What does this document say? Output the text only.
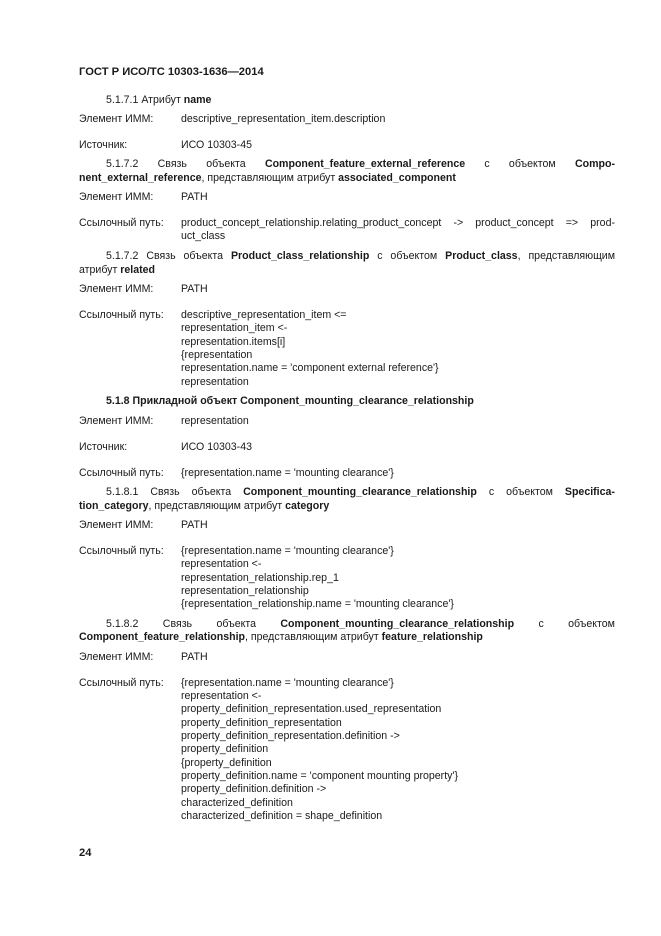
ГОСТ Р ИСО/ТС 10303-1636—2014
5.1.7.1 Атрибут name
Элемент ИММ:	descriptive_representation_item.description
Источник:	ИСО 10303-45
5.1.7.2 Связь объекта Component_feature_external_reference с объектом Compo-
nent_external_reference, представляющим атрибут associated_component
Элемент ИММ:	PATH
Ссылочный путь: product_concept_relationship.relating_product_concept -> product_concept => prod-
uct_class
5.1.7.2 Связь объекта Product_class_relationship с объектом Product_class, представляющим
атрибут related
Элемент ИММ:	PATH
Ссылочный путь: descriptive_representation_item <=
representation_item <-
representation.items[i]
{representation
representation.name = 'component external reference'}
representation
5.1.8 Прикладной объект Component_mounting_clearance_relationship
Элемент ИММ:	representation
Источник:	ИСО 10303-43
Ссылочный путь: {representation.name = 'mounting clearance'}
5.1.8.1 Связь объекта Component_mounting_clearance_relationship с объектом Specifica-
tion_category, представляющим атрибут category
Элемент ИММ:	PATH
Ссылочный путь: {representation.name = 'mounting clearance'}
representation <-
representation_relationship.rep_1
representation_relationship
{representation_relationship.name = 'mounting clearance'}
5.1.8.2 Связь объекта Component_mounting_clearance_relationship с объектом
Component_feature_relationship, представляющим атрибут feature_relationship
Элемент ИММ:	PATH
Ссылочный путь: {representation.name = 'mounting clearance'}
representation <-
property_definition_representation.used_representation
property_definition_representation
property_definition_representation.definition ->
property_definition
{property_definition
property_definition.name = 'component mounting property'}
property_definition.definition ->
characterized_definition
characterized_definition = shape_definition
24
